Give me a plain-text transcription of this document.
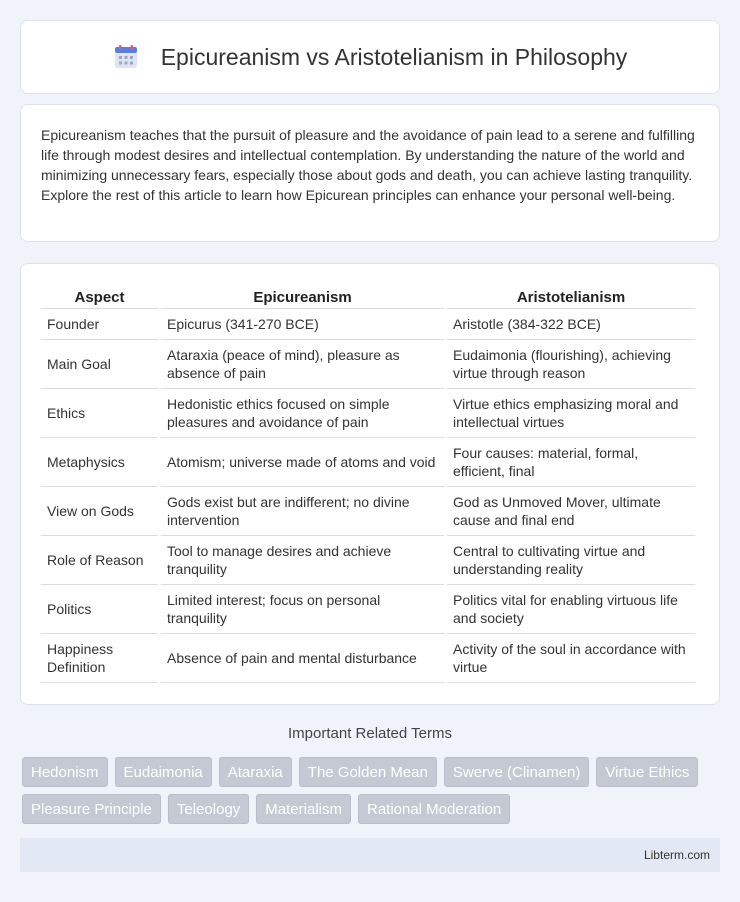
Epicureanism vs Aristotelianism in Philosophy

Epicureanism teaches that the pursuit of pleasure and the avoidance of pain lead to a serene and fulfilling life through modest desires and intellectual contemplation. By understanding the nature of the world and minimizing unnecessary fears, especially those about gods and death, you can achieve lasting tranquility. Explore the rest of this article to learn how Epicurean principles can enhance your personal well-being.

Aspect	Epicureanism	Aristotelianism
Founder	Epicurus (341-270 BCE)	Aristotle (384-322 BCE)
Main Goal	Ataraxia (peace of mind), pleasure as absence of pain	Eudaimonia (flourishing), achieving virtue through reason
Ethics	Hedonistic ethics focused on simple pleasures and avoidance of pain	Virtue ethics emphasizing moral and intellectual virtues
Metaphysics	Atomism; universe made of atoms and void	Four causes: material, formal, efficient, final
View on Gods	Gods exist but are indifferent; no divine intervention	God as Unmoved Mover, ultimate cause and final end
Role of Reason	Tool to manage desires and achieve tranquility	Central to cultivating virtue and understanding reality
Politics	Limited interest; focus on personal tranquility	Politics vital for enabling virtuous life and society
Happiness Definition	Absence of pain and mental disturbance	Activity of the soul in accordance with virtue
Important Related Terms
Hedonism	Eudaimonia	Ataraxia	The Golden Mean	Swerve (Clinamen)	Virtue Ethics
Pleasure Principle	Teleology	Materialism	Rational Moderation
Libterm.com
